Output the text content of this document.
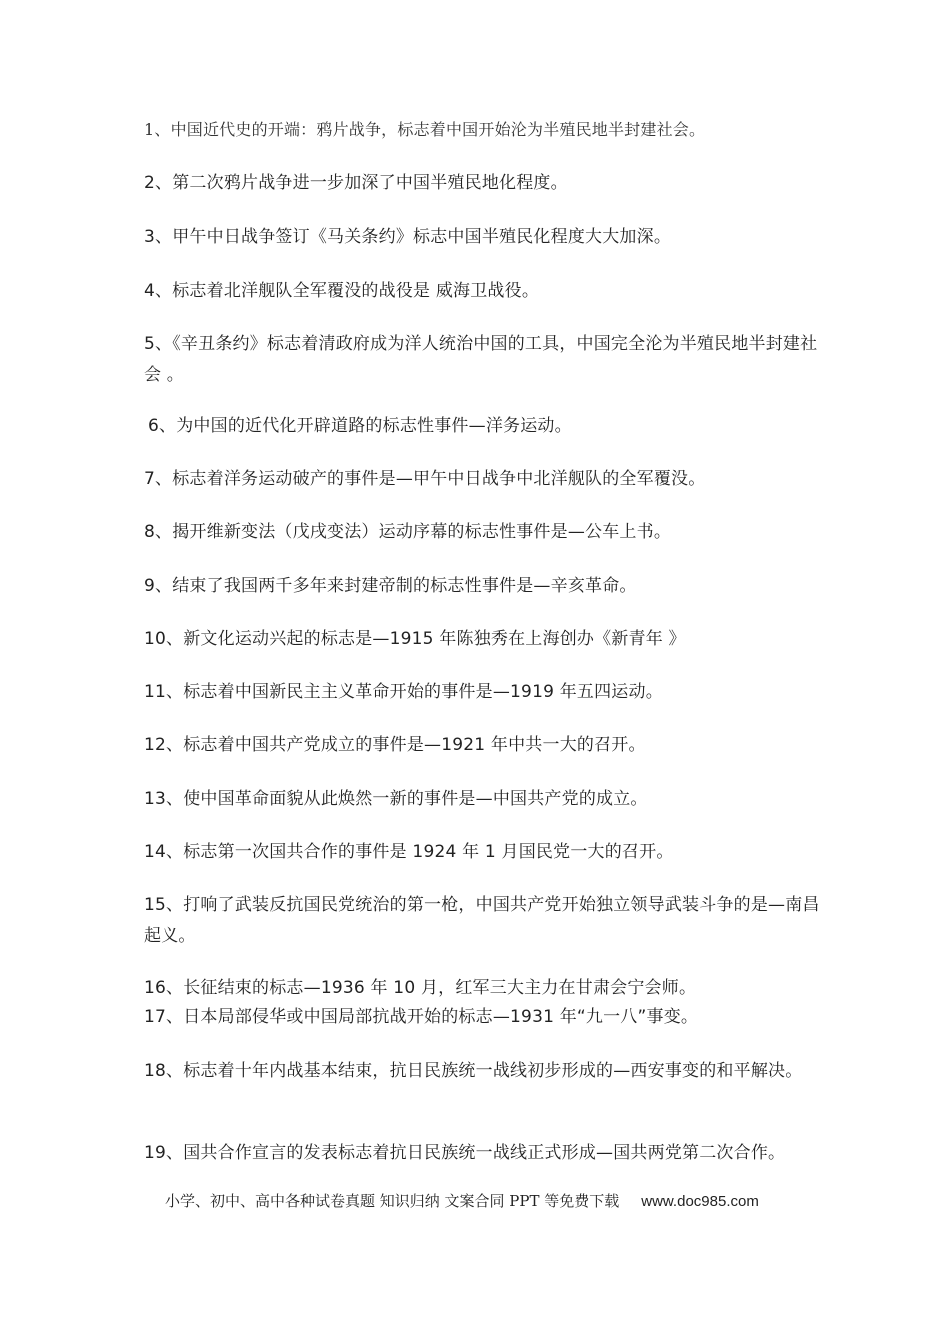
1、中国近代史的开端：鸦片战争，标志着中国开始沦为半殖民地半封建社会。
2、第二次鸦片战争进一步加深了中国半殖民地化程度。
3、甲午中日战争签订《马关条约》标志中国半殖民化程度大大加深。
4、标志着北洋舰队全军覆没的战役是 威海卫战役。
5、《辛丑条约》标志着清政府成为洋人统治中国的工具，中国完全沦为半殖民地半封建社会 。
6、为中国的近代化开辟道路的标志性事件—洋务运动。
7、标志着洋务运动破产的事件是—甲午中日战争中北洋舰队的全军覆没。
8、揭开维新变法（戊戌变法）运动序幕的标志性事件是—公车上书。
9、结束了我国两千多年来封建帝制的标志性事件是—辛亥革命。
10、新文化运动兴起的标志是—1915 年陈独秀在上海创办《新青年 》
11、标志着中国新民主主义革命开始的事件是—1919 年五四运动。
12、标志着中国共产党成立的事件是—1921 年中共一大的召开。
13、使中国革命面貌从此焕然一新的事件是—中国共产党的成立。
14、标志第一次国共合作的事件是 1924 年 1 月国民党一大的召开。
15、打响了武装反抗国民党统治的第一枪，中国共产党开始独立领导武装斗争的是—南昌起义。
16、长征结束的标志—1936 年 10 月，红军三大主力在甘肃会宁会师。
17、日本局部侵华或中国局部抗战开始的标志—1931 年“九一八”事变。
18、标志着十年内战基本结束，抗日民族统一战线初步形成的—西安事变的和平解决。
19、国共合作宣言的发表标志着抗日民族统一战线正式形成—国共两党第二次合作。
小学、初中、高中各种试卷真题 知识归纳 文案合同 PPT 等免费下载 www.doc985.com
